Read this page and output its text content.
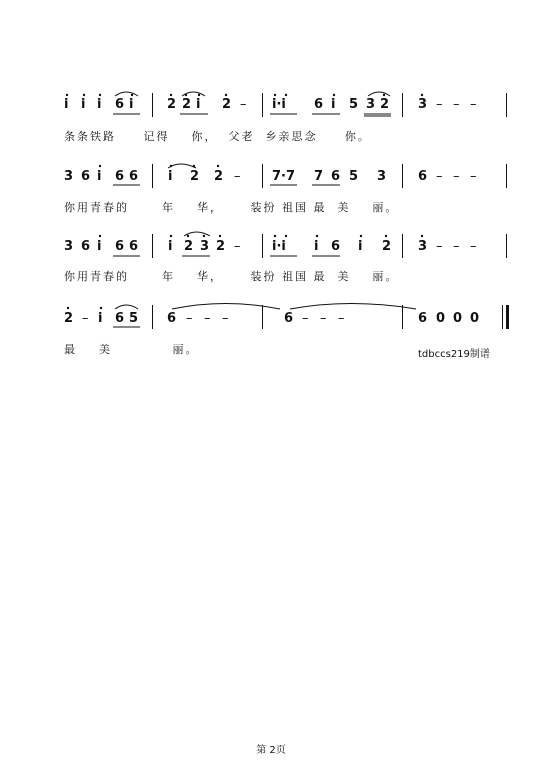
i i i 6 i	2 2 i 2 – i·i 6 i 5 3 2 3 – – –
条条铁路     记得    你，  父老  乡亲思念     你。
3 6 i 6 6 i 2 2 – 7·7 7 6 5 3 6 – – –
你用青春的      年    华，     装扮 祖国 最  美    丽。
3 6 i 6 6 i 2 3 2 – i·i i 6 i 2 3 – – –
你用青春的      年    华，     装扮 祖国 最  美    丽。
2 – i 6 5 6 – – –	6 – – –	6 0 0 0
最    美           丽。	tdbccs219制谱
第 2页
